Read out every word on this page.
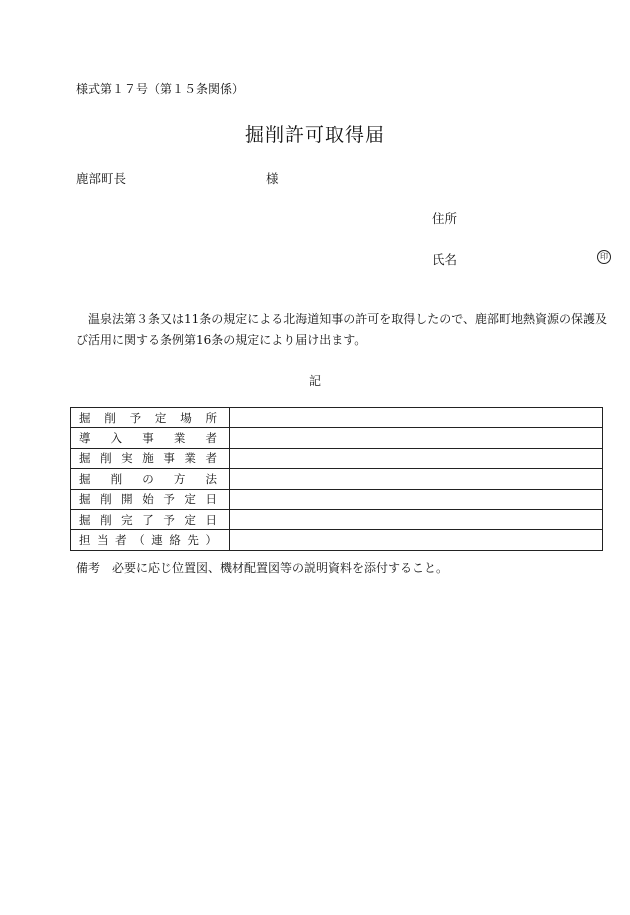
様式第１７号（第１５条関係）
掘削許可取得届
鹿部町長	様
住所
氏名	印
温泉法第３条又は11条の規定による北海道知事の許可を取得したので、鹿部町地熱資源の保護及び活用に関する条例第16条の規定により届け出ます。
記
掘削予定場所	
導入事業者	
掘削実施事業者	
掘削の方法	
掘削開始予定日	
掘削完了予定日	
担当者（連絡先）	
備考　必要に応じ位置図、機材配置図等の説明資料を添付すること。
